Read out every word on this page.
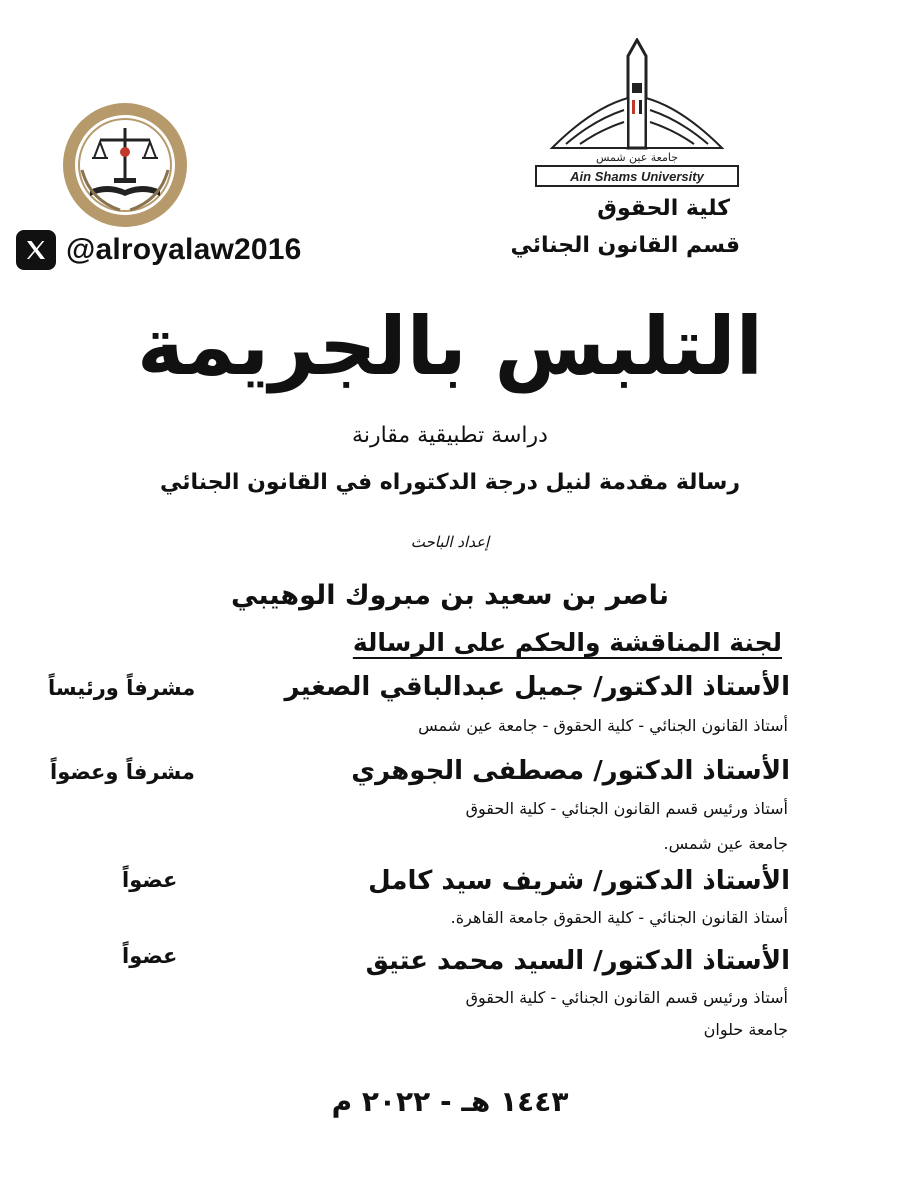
@alroyalaw2016
جامعة عين شمس
Ain Shams University
كلية الحقوق
قسم القانون الجنائي
التلبس بالجريمة
دراسة تطبيقية مقارنة
رسالة مقدمة لنيل درجة الدكتوراه في القانون الجنائي
إعداد الباحث
ناصر بن سعيد بن مبروك الوهيبي
لجنة المناقشة والحكم على الرسالة
الأستاذ الدكتور/ جميل عبدالباقي الصغير
مشرفاً ورئيساً
أستاذ القانون الجنائي - كلية الحقوق - جامعة عين شمس
الأستاذ الدكتور/ مصطفى الجوهري
مشرفاً وعضواً
أستاذ ورئيس قسم القانون الجنائي - كلية الحقوق
جامعة عين شمس.
الأستاذ الدكتور/ شريف سيد كامل
عضواً
أستاذ القانون الجنائي - كلية الحقوق جامعة القاهرة.
الأستاذ الدكتور/ السيد محمد عتيق
عضواً
أستاذ ورئيس قسم القانون الجنائي - كلية الحقوق
جامعة حلوان
١٤٤٣ هـ - ٢٠٢٢ م
